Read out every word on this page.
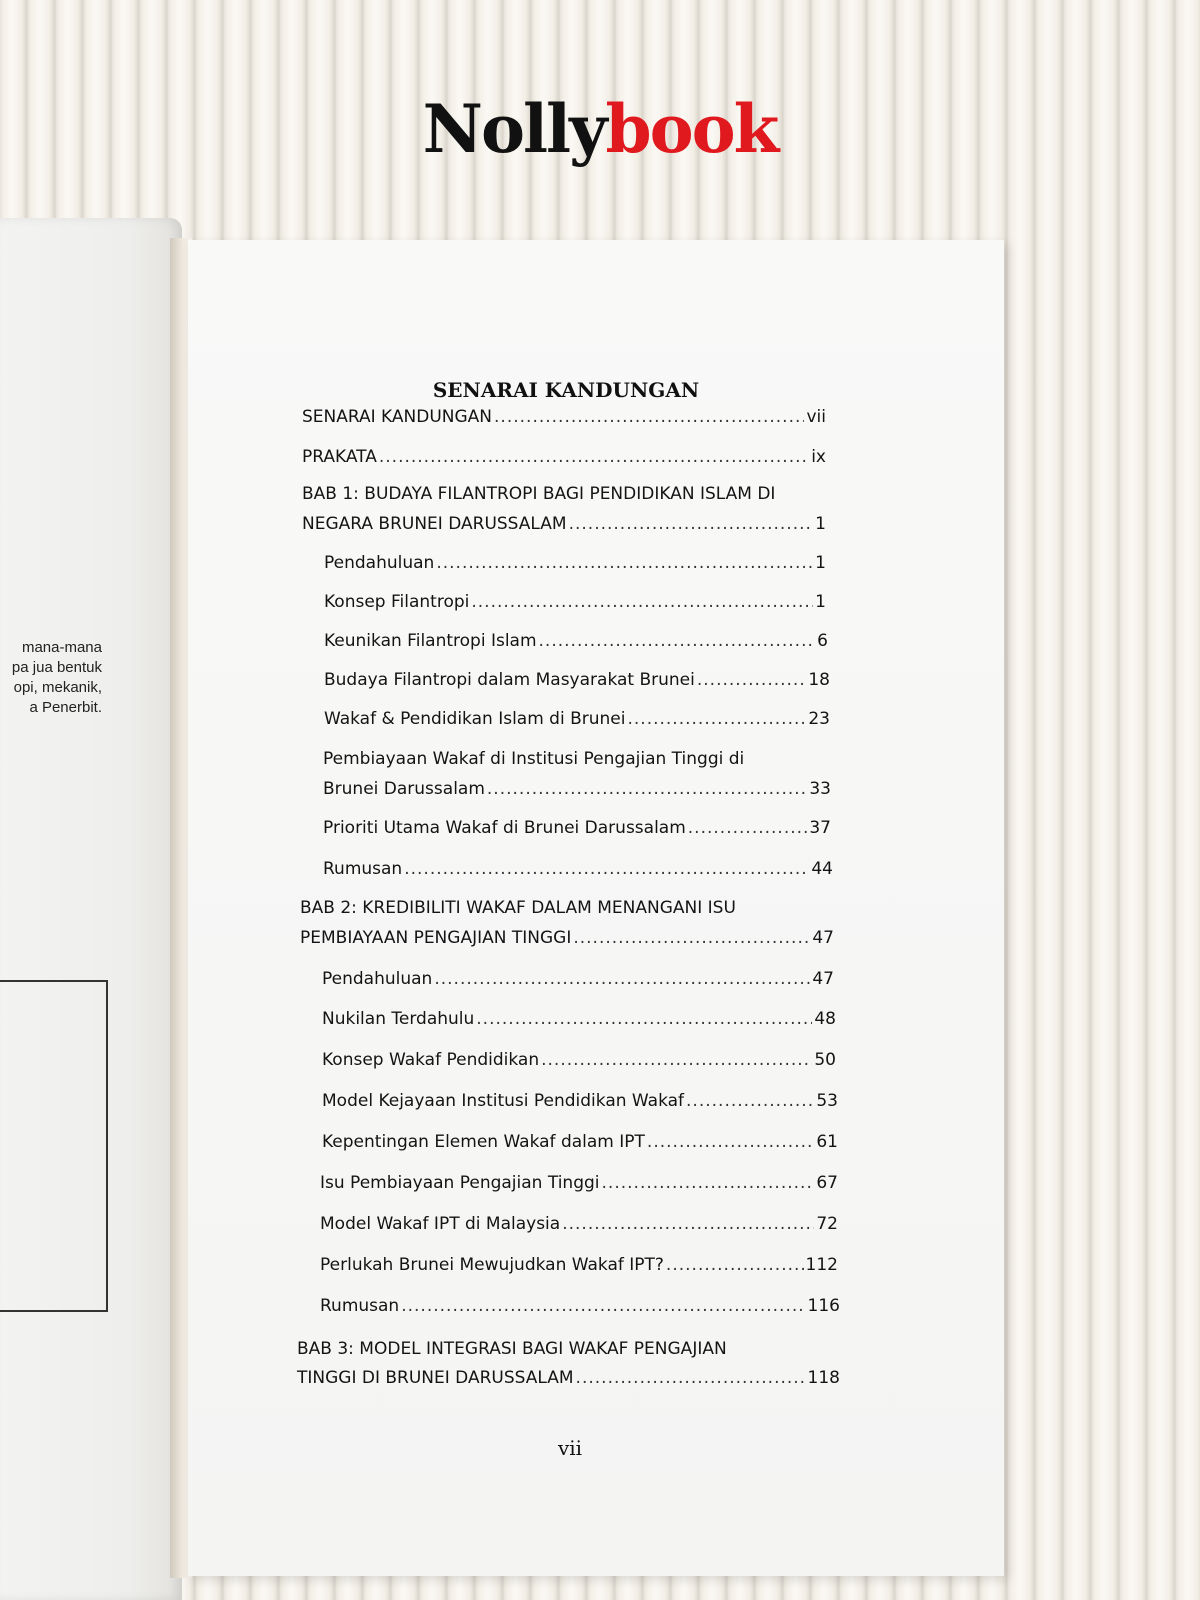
Nollybook
mana-mana
pa jua bentuk
opi, mekanik,
a Penerbit.
SENARAI KANDUNGAN
SENARAI KANDUNGAN .....	vii
PRAKATA .....	ix
BAB 1: BUDAYA FILANTROPI BAGI PENDIDIKAN ISLAM DI
NEGARA BRUNEI DARUSSALAM .....	1
Pendahuluan .....	1
Konsep Filantropi .....	1
Keunikan Filantropi Islam .....	6
Budaya Filantropi dalam Masyarakat Brunei .....	18
Wakaf & Pendidikan Islam di Brunei .....	23
Pembiayaan Wakaf di Institusi Pengajian Tinggi di
Brunei Darussalam .....	33
Prioriti Utama Wakaf di Brunei Darussalam .....	37
Rumusan .....	44
BAB 2: KREDIBILITI WAKAF DALAM MENANGANI ISU
PEMBIAYAAN PENGAJIAN TINGGI .....	47
Pendahuluan .....	47
Nukilan Terdahulu .....	48
Konsep Wakaf Pendidikan .....	50
Model Kejayaan Institusi Pendidikan Wakaf .....	53
Kepentingan Elemen Wakaf dalam IPT .....	61
Isu Pembiayaan Pengajian Tinggi .....	67
Model Wakaf IPT di Malaysia .....	72
Perlukah Brunei Mewujudkan Wakaf IPT? .....	112
Rumusan .....	116
BAB 3: MODEL INTEGRASI BAGI WAKAF PENGAJIAN
TINGGI DI BRUNEI DARUSSALAM .....	118
vii
